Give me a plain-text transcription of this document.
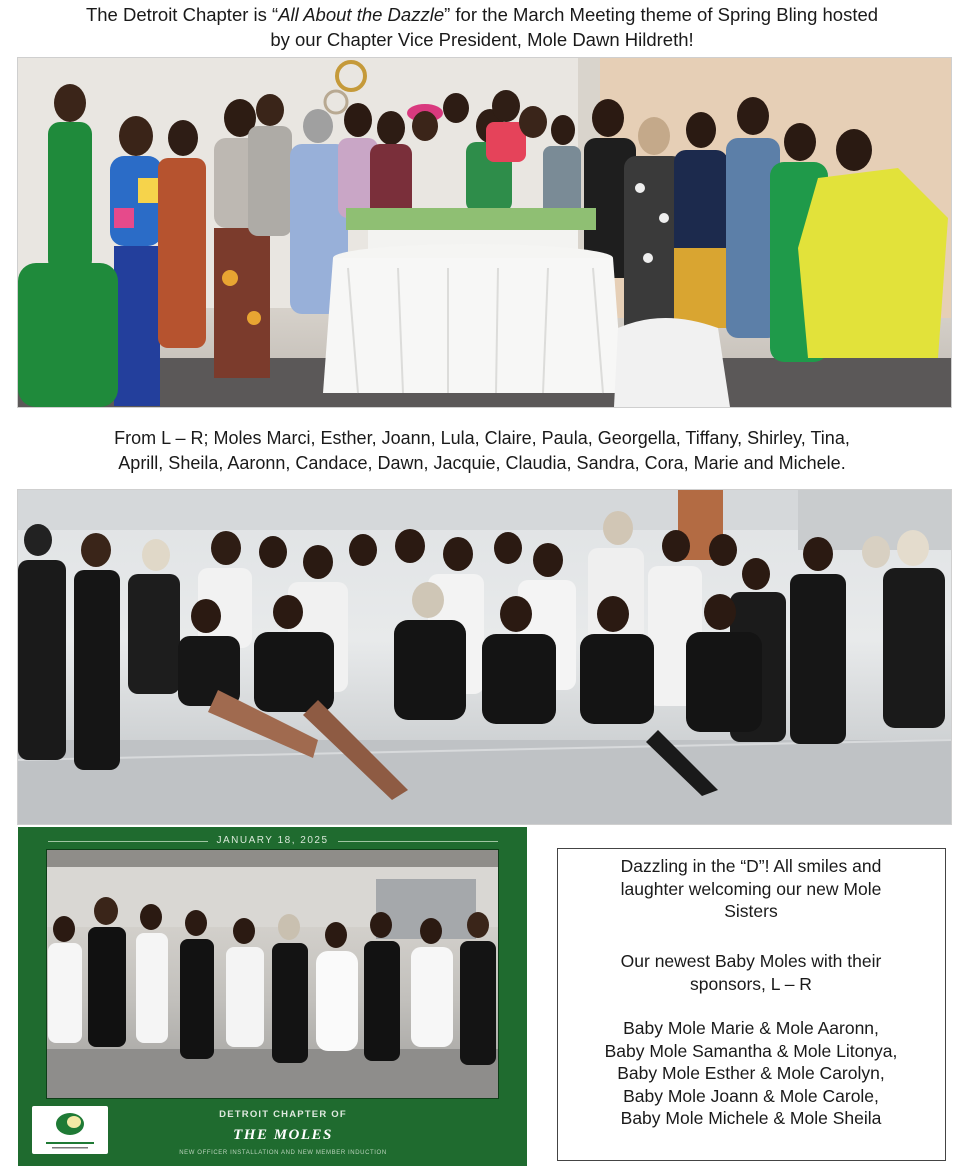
The Detroit Chapter is “All About the Dazzle” for the March Meeting theme of Spring Bling hosted
by our Chapter Vice President, Mole Dawn Hildreth!
From L – R; Moles Marci, Esther, Joann, Lula, Claire, Paula, Georgella, Tiffany, Shirley, Tina,
Aprill, Sheila, Aaronn, Candace, Dawn, Jacquie, Claudia, Sandra, Cora, Marie and Michele.
JANUARY 18, 2025
DETROIT CHAPTER OF
THE MOLES
NEW OFFICER INSTALLATION AND NEW MEMBER INDUCTION
Dazzling in the “D”! All smiles and
laughter welcoming our new Mole
Sisters
Our newest Baby Moles with their
sponsors, L – R
Baby Mole Marie & Mole Aaronn,
Baby Mole Samantha & Mole Litonya,
Baby Mole Esther & Mole Carolyn,
Baby Mole Joann & Mole Carole,
Baby Mole Michele & Mole Sheila
